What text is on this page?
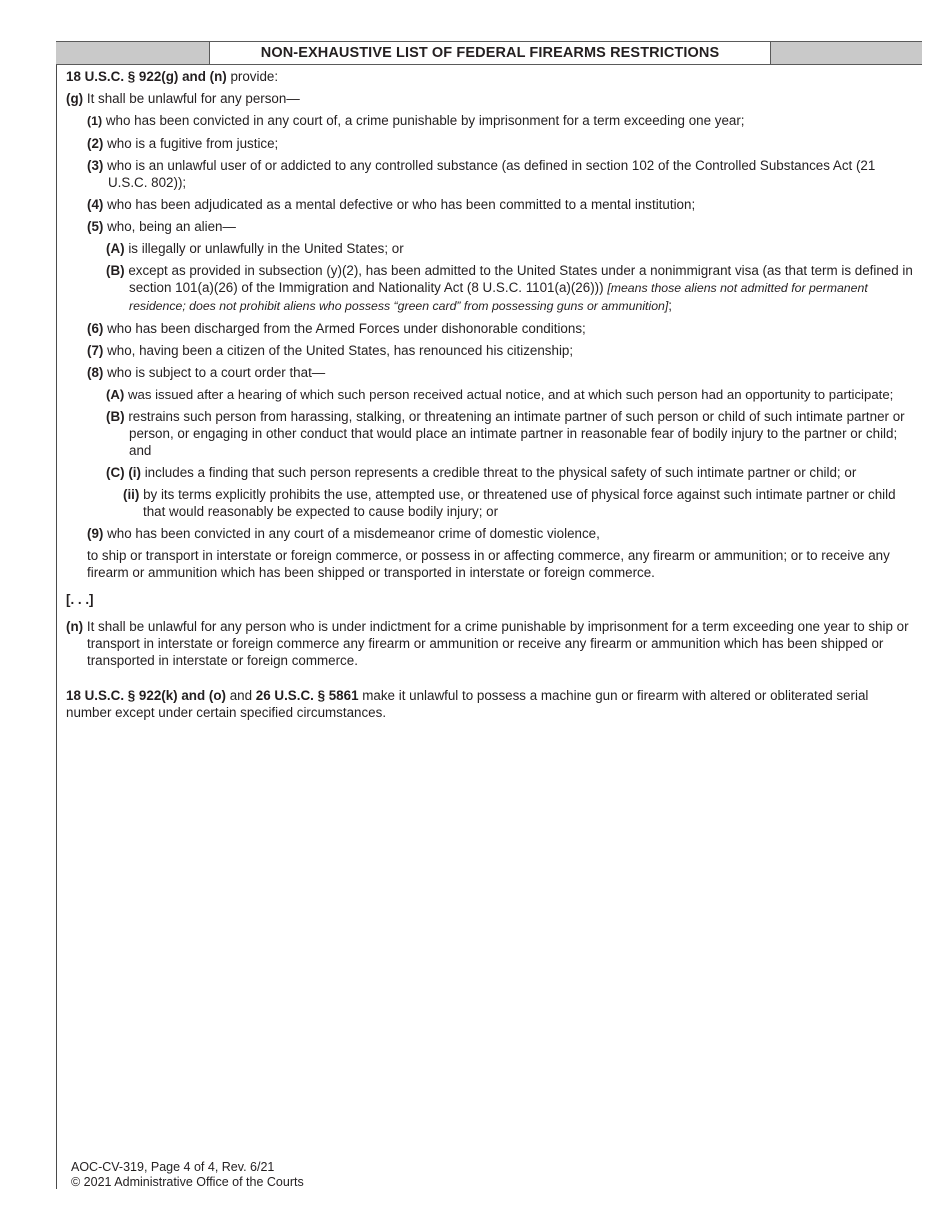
NON-EXHAUSTIVE LIST OF FEDERAL FIREARMS RESTRICTIONS

18 U.S.C. § 922(g) and (n) provide:

(g) It shall be unlawful for any person—

(1) who has been convicted in any court of, a crime punishable by imprisonment for a term exceeding one year;

(2) who is a fugitive from justice;

(3) who is an unlawful user of or addicted to any controlled substance (as defined in section 102 of the Controlled Substances Act (21 U.S.C. 802));

(4) who has been adjudicated as a mental defective or who has been committed to a mental institution;

(5) who, being an alien—

(A) is illegally or unlawfully in the United States; or

(B) except as provided in subsection (y)(2), has been admitted to the United States under a nonimmigrant visa (as that term is defined in section 101(a)(26) of the Immigration and Nationality Act (8 U.S.C. 1101(a)(26))) [means those aliens not admitted for permanent residence; does not prohibit aliens who possess “green card” from possessing guns or ammunition];

(6) who has been discharged from the Armed Forces under dishonorable conditions;

(7) who, having been a citizen of the United States, has renounced his citizenship;

(8) who is subject to a court order that—

(A) was issued after a hearing of which such person received actual notice, and at which such person had an opportunity to participate;

(B) restrains such person from harassing, stalking, or threatening an intimate partner of such person or child of such intimate partner or person, or engaging in other conduct that would place an intimate partner in reasonable fear of bodily injury to the partner or child; and

(C) (i) includes a finding that such person represents a credible threat to the physical safety of such intimate partner or child; or

(ii) by its terms explicitly prohibits the use, attempted use, or threatened use of physical force against such intimate partner or child that would reasonably be expected to cause bodily injury; or

(9) who has been convicted in any court of a misdemeanor crime of domestic violence,

to ship or transport in interstate or foreign commerce, or possess in or affecting commerce, any firearm or ammunition; or to receive any firearm or ammunition which has been shipped or transported in interstate or foreign commerce.

[. . .]

(n) It shall be unlawful for any person who is under indictment for a crime punishable by imprisonment for a term exceeding one year to ship or transport in interstate or foreign commerce any firearm or ammunition or receive any firearm or ammunition which has been shipped or transported in interstate or foreign commerce.

18 U.S.C. § 922(k) and (o) and 26 U.S.C. § 5861 make it unlawful to possess a machine gun or firearm with altered or obliterated serial number except under certain specified circumstances.

AOC-CV-319, Page 4 of 4, Rev. 6/21
© 2021 Administrative Office of the Courts
